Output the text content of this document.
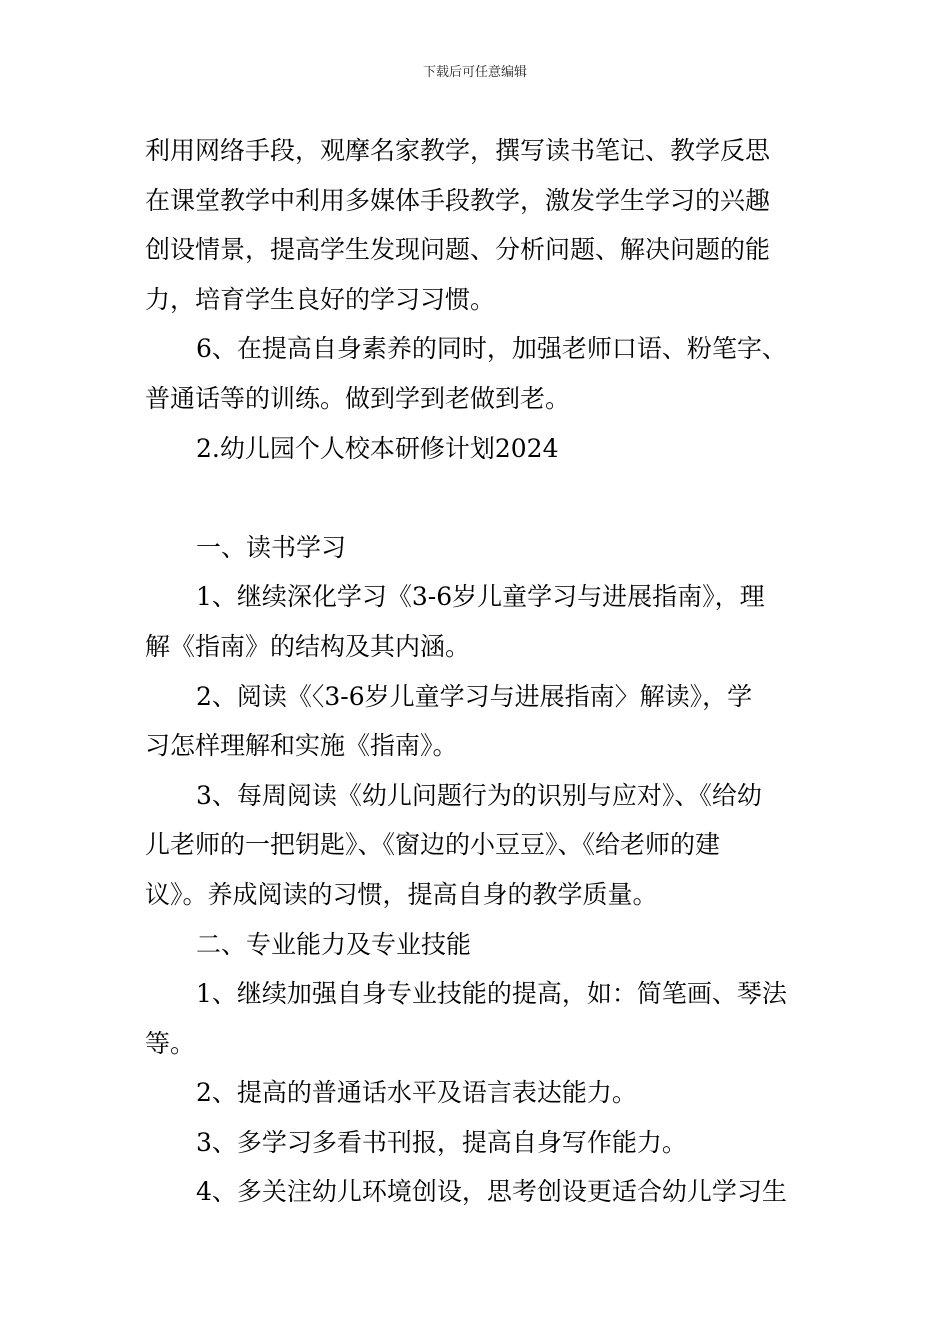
下载后可任意编辑
利用网络手段，观摩名家教学，撰写读书笔记、教学反思
在课堂教学中利用多媒体手段教学，激发学生学习的兴趣
创设情景，提高学生发现问题、分析问题、解决问题的能
力，培育学生良好的学习习惯。
6、在提高自身素养的同时，加强老师口语、粉笔字、
普通话等的训练。做到学到老做到老。
2.幼儿园个人校本研修计划2024
一、读书学习
1、继续深化学习《3-6岁儿童学习与进展指南》，理
解《指南》的结构及其内涵。
2、阅读《〈3-6岁儿童学习与进展指南〉解读》，学
习怎样理解和实施《指南》。
3、每周阅读《幼儿问题行为的识别与应对》、《给幼
儿老师的一把钥匙》、《窗边的小豆豆》、《给老师的建
议》。养成阅读的习惯，提高自身的教学质量。
二、专业能力及专业技能
1、继续加强自身专业技能的提高，如：简笔画、琴法
等。
2、提高的普通话水平及语言表达能力。
3、多学习多看书刊报，提高自身写作能力。
4、多关注幼儿环境创设，思考创设更适合幼儿学习生
